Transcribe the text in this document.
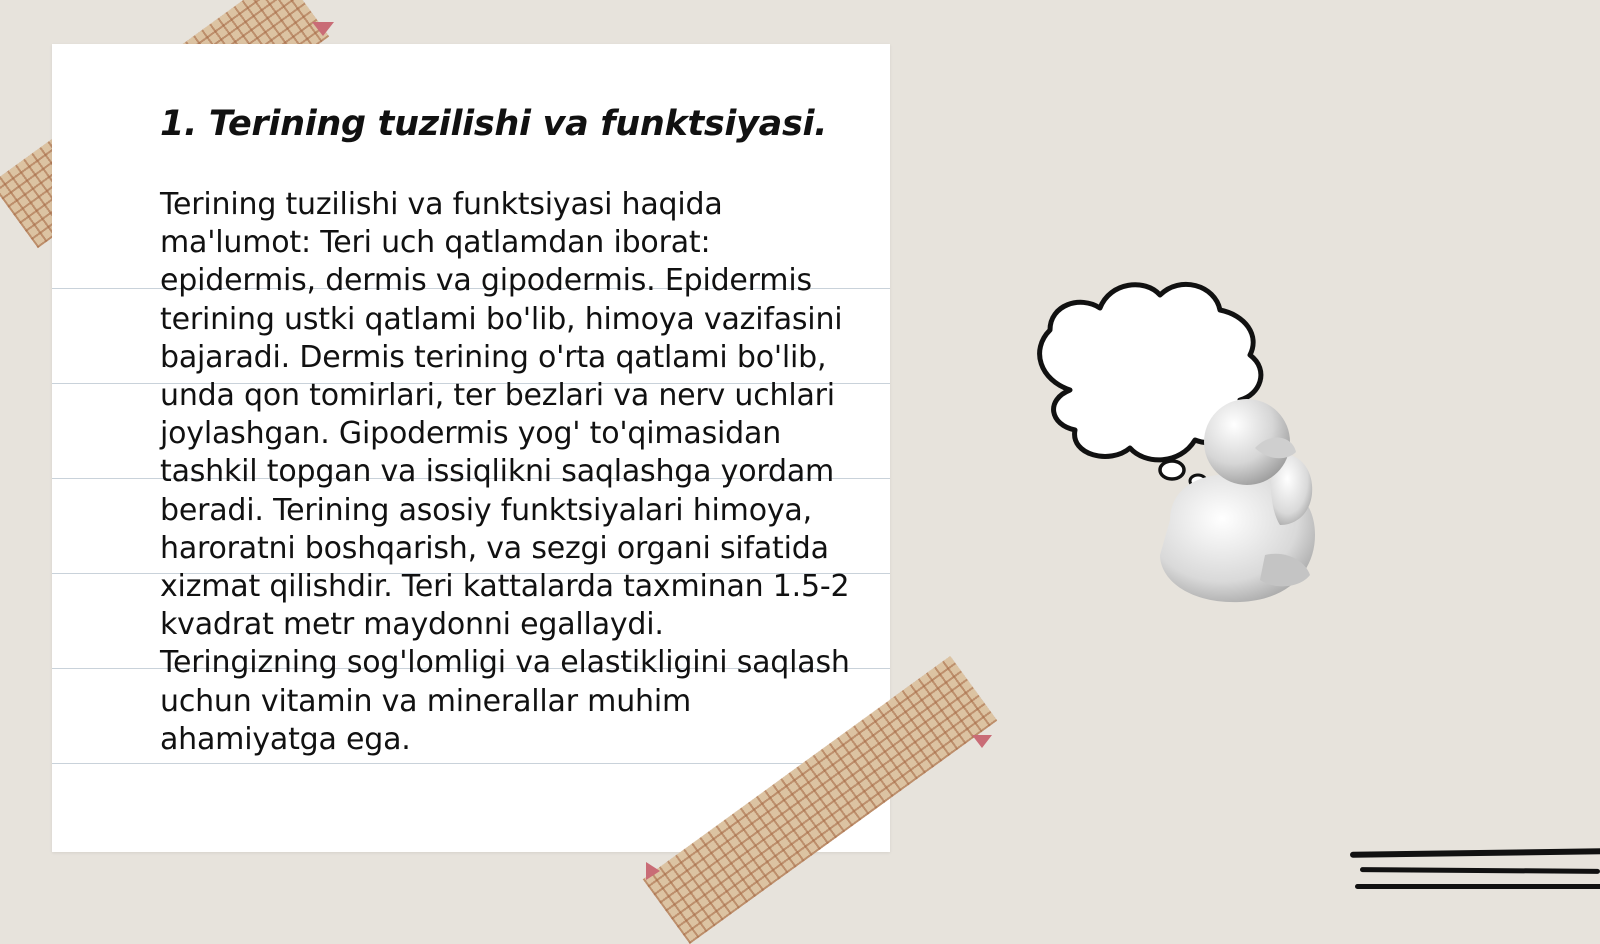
1. Terining tuzilishi va funktsiyasi.

Terining tuzilishi va funktsiyasi haqida ma'lumot: Teri uch qatlamdan iborat: epidermis, dermis va gipodermis. Epidermis terining ustki qatlami bo'lib, himoya vazifasini bajaradi. Dermis terining o'rta qatlami bo'lib, unda qon tomirlari, ter bezlari va nerv uchlari joylashgan. Gipodermis yog' to'qimasidan tashkil topgan va issiqlikni saqlashga yordam beradi. Terining asosiy funktsiyalari himoya, haroratni boshqarish, va sezgi organi sifatida xizmat qilishdir. Teri kattalarda taxminan 1.5-2 kvadrat metr maydonni egallaydi. Teringizning sog'lomligi va elastikligini saqlash uchun vitamin va minerallar muhim ahamiyatga ega.
